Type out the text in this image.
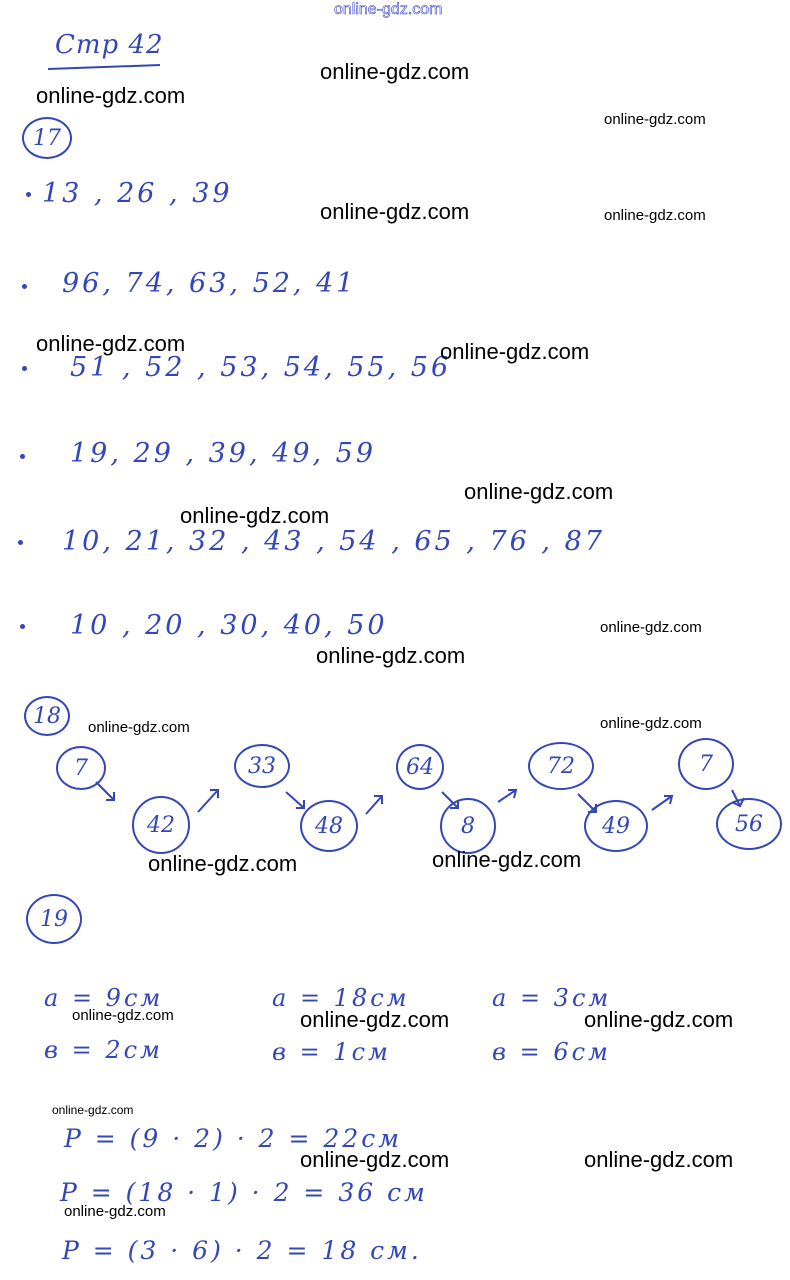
online-gdz.com
Стр 42
17
13 , 26 , 39
96, 74, 63, 52, 41
51 , 52 , 53, 54, 55, 56
19, 29 , 39, 49, 59
10, 21, 32 , 43 , 54 , 65 , 76 , 87
10 , 20 , 30, 40, 50
18
7
42
33
48
64
8
72
49
7
56
19
а = 9см
в = 2см
а = 18см
в = 1см
а = 3см
в = 6см
P = (9 · 2) · 2 = 22см
P = (18 · 1) · 2 = 36 см
P = (3 · 6) · 2 = 18 см.
online-gdz.com
online-gdz.com
online-gdz.com
online-gdz.com	online-gdz.com
online-gdz.com	online-gdz.com
online-gdz.com
online-gdz.com
online-gdz.com
online-gdz.com
online-gdz.com	online-gdz.com
online-gdz.com	online-gdz.com
online-gdz.com	online-gdz.com	online-gdz.com
online-gdz.com
online-gdz.com	online-gdz.com
online-gdz.com
